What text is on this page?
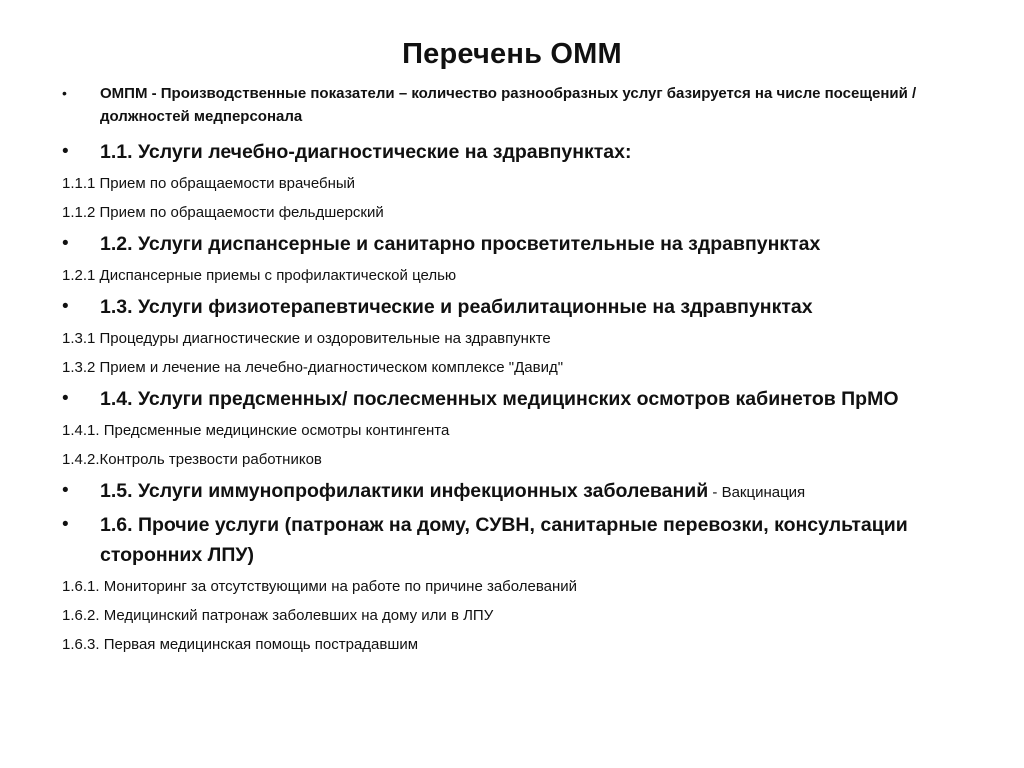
Перечень ОММ
• ОМПМ - Производственные показатели – количество разнообразных услуг базируется на числе посещений / должностей медперсонала
• 1.1. Услуги лечебно-диагностические на здравпунктах:
1.1.1 Прием по обращаемости врачебный
1.1.2 Прием по обращаемости фельдшерский
• 1.2. Услуги диспансерные и санитарно просветительные на здравпунктах
1.2.1 Диспансерные приемы с профилактической целью
• 1.3. Услуги физиотерапевтические и реабилитационные на здравпунктах
1.3.1 Процедуры диагностические и оздоровительные на здравпункте
1.3.2 Прием и лечение на лечебно-диагностическом комплексе "Давид"
• 1.4. Услуги предсменных/ послесменных медицинских осмотров кабинетов ПрМО
1.4.1. Предсменные медицинские осмотры контингента
1.4.2.Контроль трезвости работников
• 1.5. Услуги иммунопрофилактики инфекционных заболеваний - Вакцинация
• 1.6. Прочие услуги (патронаж на дому, СУВН, санитарные перевозки, консультации сторонних ЛПУ)
1.6.1. Мониторинг за отсутствующими на работе по причине заболеваний
1.6.2. Медицинский патронаж заболевших на дому или в ЛПУ
1.6.3. Первая медицинская помощь пострадавшим
